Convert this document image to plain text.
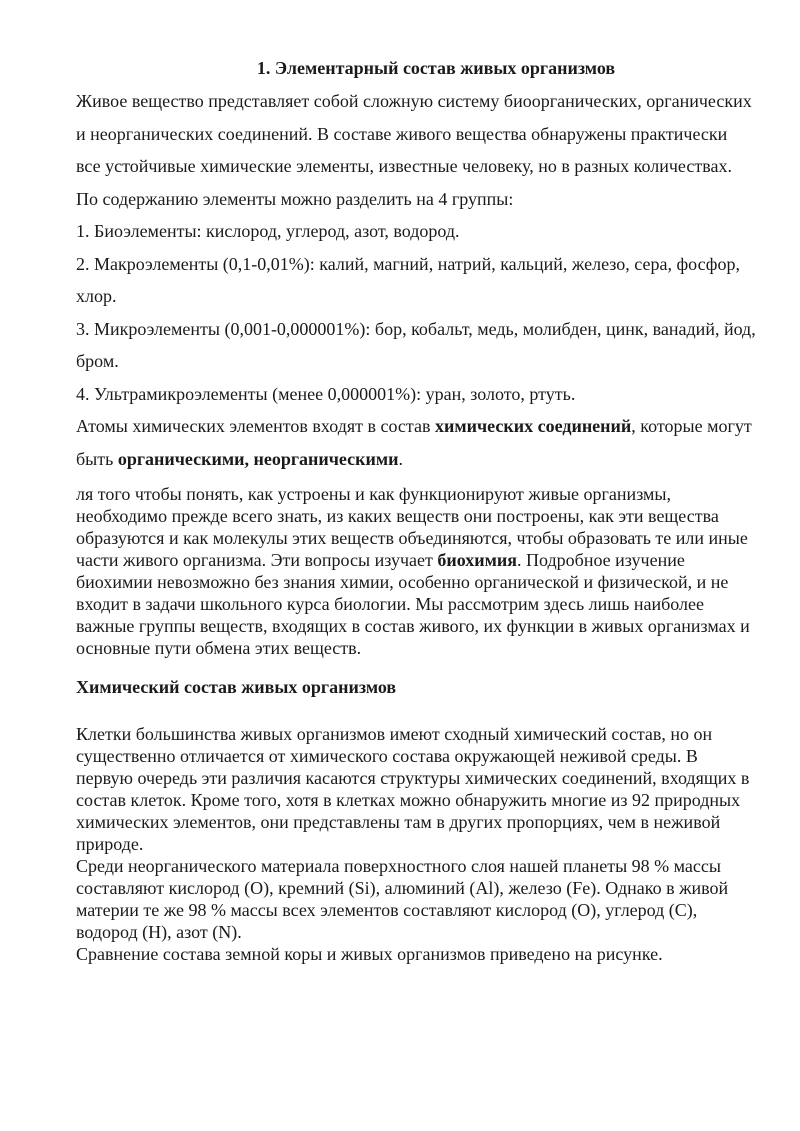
1. Элементарный состав живых организмов

Живое вещество представляет собой сложную систему биоорганических, органических и неорганических соединений. В составе живого вещества обнаружены практически все устойчивые химические элементы, известные человеку, но в разных количествах. По содержанию элементы можно разделить на 4 группы:

1. Биоэлементы: кислород, углерод, азот, водород.

2. Макроэлементы (0,1-0,01%): калий, магний, натрий, кальций, железо, сера, фосфор, хлор.

3. Микроэлементы (0,001-0,000001%): бор, кобальт, медь, молибден, цинк, ванадий, йод, бром.

4. Ультрамикроэлементы (менее 0,000001%): уран, золото, ртуть.

Атомы химических элементов входят в состав химических соединений, которые могут быть органическими, неорганическими.

ля того чтобы понять, как устроены и как функционируют живые организмы, необходимо прежде всего знать, из каких веществ они построены, как эти вещества образуются и как молекулы этих веществ объединяются, чтобы образовать те или иные части живого организма. Эти вопросы изучает биохимия. Подробное изучение биохимии невозможно без знания химии, особенно органической и физической, и не входит в задачи школьного курса биологии. Мы рассмотрим здесь лишь наиболее важные группы веществ, входящих в состав живого, их функции в живых организмах и основные пути обмена этих веществ.

Химический состав живых организмов

Клетки большинства живых организмов имеют сходный химический состав, но он существенно отличается от химического состава окружающей неживой среды. В первую очередь эти различия касаются структуры химических соединений, входящих в состав клеток. Кроме того, хотя в клетках можно обнаружить многие из 92 природных химических элементов, они представлены там в других пропорциях, чем в неживой природе.

Среди неорганического материала поверхностного слоя нашей планеты 98 % массы составляют кислород (О), кремний (Si), алюминий (Al), железо (Fe). Однако в живой материи те же 98 % массы всех элементов составляют кислород (О), углерод (С), водород (Н), азот (N).

Сравнение состава земной коры и живых организмов приведено на рисунке.
